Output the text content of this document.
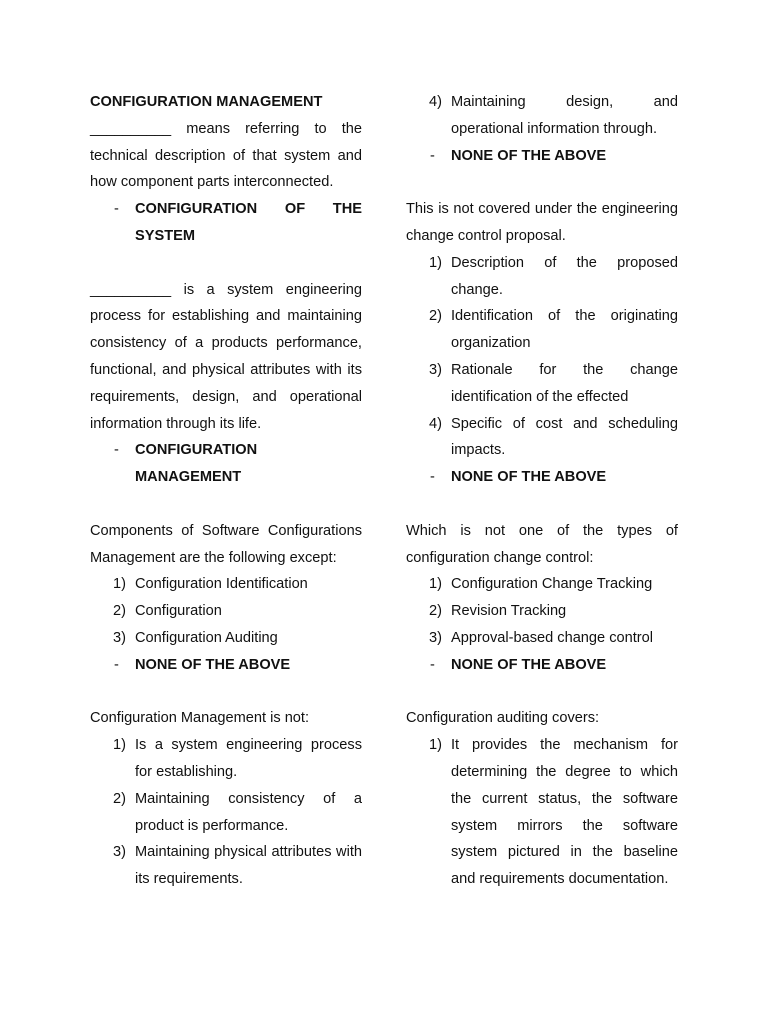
CONFIGURATION MANAGEMENT

__________ means referring to the technical description of that system and how component parts interconnected.

-	CONFIGURATION OF THE SYSTEM

__________ is a system engineering process for establishing and maintaining consistency of a products performance, functional, and physical attributes with its requirements, design, and operational information through its life.

-	CONFIGURATION MANAGEMENT

Components of Software Configurations Management are the following except:

1) Configuration Identification
2) Configuration
3) Configuration Auditing
-	NONE OF THE ABOVE

Configuration Management is not:

1) Is a system engineering process for establishing.
2) Maintaining consistency of a product is performance.
3) Maintaining physical attributes with its requirements.
4) Maintaining design, and operational information through.
-	NONE OF THE ABOVE

This is not covered under the engineering change control proposal.

1) Description of the proposed change.
2) Identification of the originating organization
3) Rationale for the change identification of the effected
4) Specific of cost and scheduling impacts.
-	NONE OF THE ABOVE

Which is not one of the types of configuration change control:

1) Configuration Change Tracking
2) Revision Tracking
3) Approval-based change control
-	NONE OF THE ABOVE

Configuration auditing covers:

1) It provides the mechanism for determining the degree to which the current status, the software system mirrors the software system pictured in the baseline and requirements documentation.
